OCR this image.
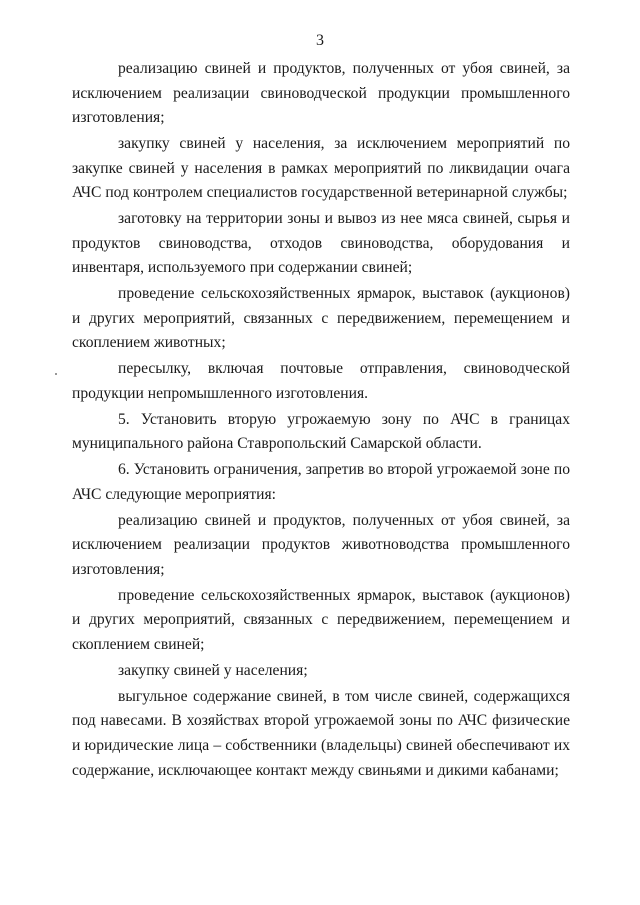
3

реализацию свиней и продуктов, полученных от убоя свиней, за исключением реализации свиноводческой продукции промышленного изготовления;

закупку свиней у населения, за исключением мероприятий по закупке свиней у населения в рамках мероприятий по ликвидации очага АЧС под контролем специалистов государственной ветеринарной службы;

заготовку на территории зоны и вывоз из нее мяса свиней, сырья и продуктов свиноводства, отходов свиноводства, оборудования и инвентаря, используемого при содержании свиней;

проведение сельскохозяйственных ярмарок, выставок (аукционов) и других мероприятий, связанных с передвижением, перемещением и скоплением животных;

пересылку, включая почтовые отправления, свиноводческой продукции непромышленного изготовления.

5. Установить вторую угрожаемую зону по АЧС в границах муниципального района Ставропольский Самарской области.

6. Установить ограничения, запретив во второй угрожаемой зоне по АЧС следующие мероприятия:

реализацию свиней и продуктов, полученных от убоя свиней, за исключением реализации продуктов животноводства промышленного изготовления;

проведение сельскохозяйственных ярмарок, выставок (аукционов) и других мероприятий, связанных с передвижением, перемещением и скоплением свиней;

закупку свиней у населения;

выгульное содержание свиней, в том числе свиней, содержащихся под навесами. В хозяйствах второй угрожаемой зоны по АЧС физические и юридические лица – собственники (владельцы) свиней обеспечивают их содержание, исключающее контакт между свиньями и дикими кабанами;
